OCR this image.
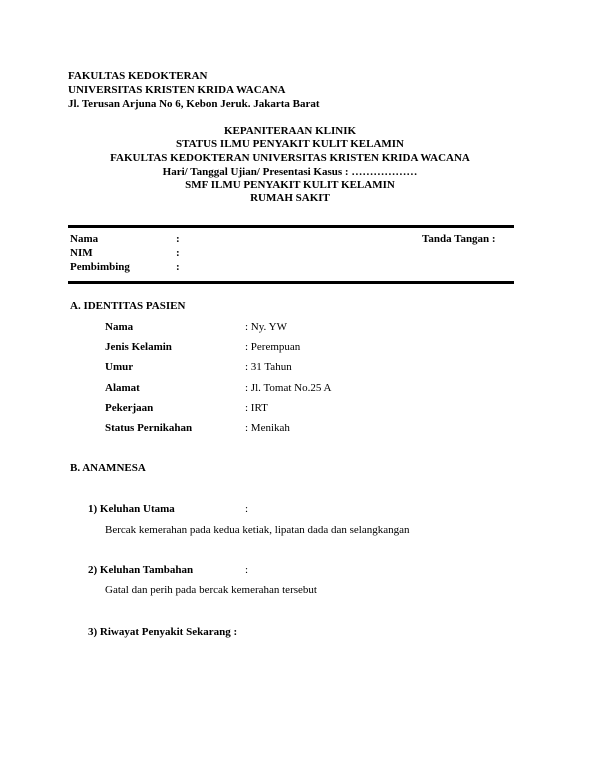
FAKULTAS KEDOKTERAN
UNIVERSITAS KRISTEN KRIDA WACANA
Jl. Terusan Arjuna No 6, Kebon Jeruk. Jakarta Barat
KEPANITERAAN KLINIK
STATUS ILMU PENYAKIT KULIT KELAMIN
FAKULTAS KEDOKTERAN UNIVERSITAS KRISTEN KRIDA WACANA
Hari/ Tanggal Ujian/ Presentasi Kasus : ………………
SMF ILMU PENYAKIT KULIT KELAMIN
RUMAH SAKIT
Nama	:	Tanda Tangan :
NIM	:
Pembimbing	:
A. IDENTITAS PASIEN
Nama	: Ny. YW
Jenis Kelamin	: Perempuan
Umur	: 31 Tahun
Alamat	: Jl. Tomat No.25 A
Pekerjaan	: IRT
Status Pernikahan	: Menikah
B. ANAMNESA
1) Keluhan Utama	:
Bercak kemerahan pada kedua ketiak, lipatan dada dan selangkangan
2) Keluhan Tambahan	:
Gatal dan perih pada bercak kemerahan tersebut
3) Riwayat Penyakit Sekarang :
